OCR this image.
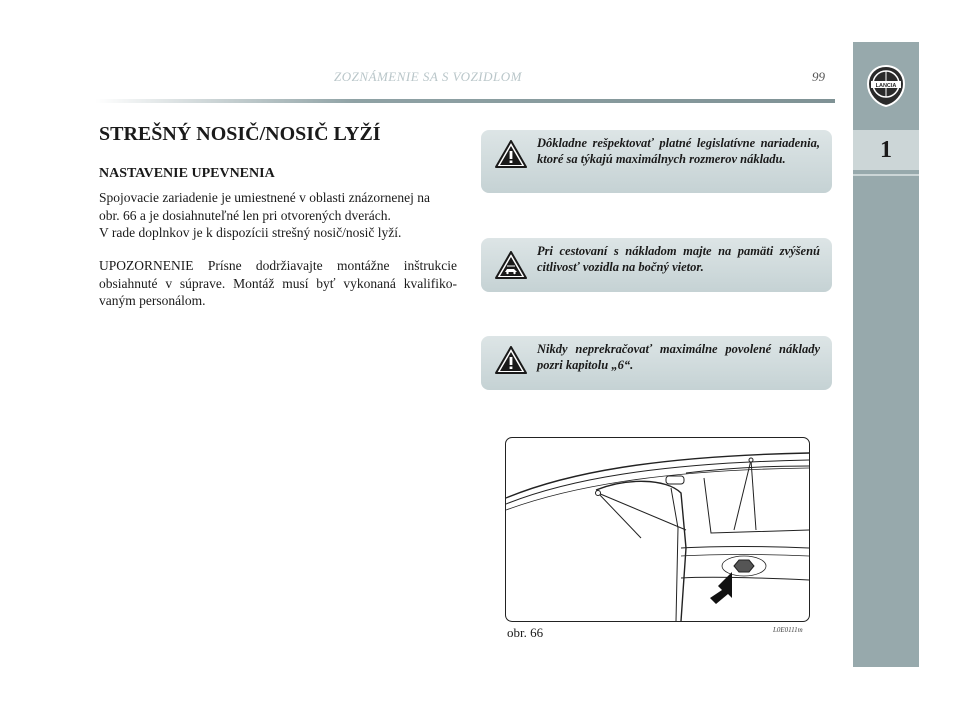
ZOZNÁMENIE SA S VOZIDLOM	99
LANCIA
1
STREŠNÝ NOSIČ/NOSIČ LYŽÍ
NASTAVENIE UPEVNENIA

Spojovacie zariadenie je umiestnené v oblasti znázornenej na

obr. 66 a je dosiahnuteľné len pri otvorených dverách.

V rade doplnkov je k dispozícii strešný nosič/nosič lyží.

UPOZORNENIE Prísne dodržiavajte montážne inštrukcie obsiahnuté v súprave. Montáž musí byť vykonaná kvalifikovaným personálom.

Dôkladne rešpektovať platné legislatívne nariadenia, ktoré sa týkajú maximálnych rozmerov nákladu.
Pri cestovaní s nákladom majte na pamäti zvýšenú citlivosť vozidla na bočný vietor.
Nikdy neprekračovať maximálne povolené náklady pozri kapitolu „6“.
obr. 66	L0E0111m
